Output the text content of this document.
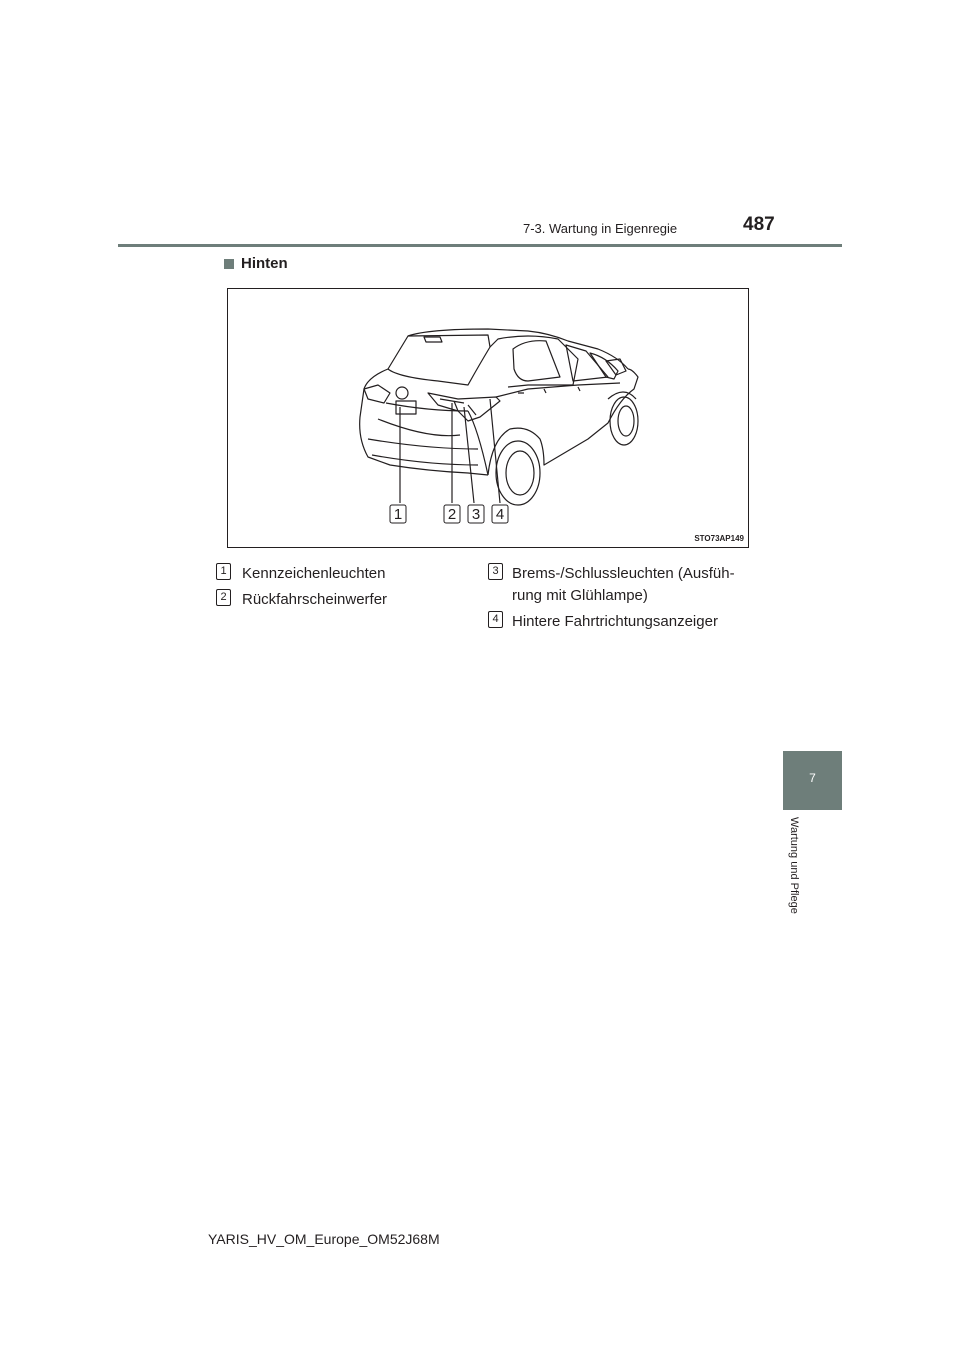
7-3. Wartung in Eigenregie	487
Hinten
1	2 3 4
STO73AP149
1 Kennzeichenleuchten
2 Rückfahrscheinwerfer
3 Brems-/Schlussleuchten (Ausfüh-
rung mit Glühlampe)
4 Hintere Fahrtrichtungsanzeiger
7
Wartung und Pflege
YARIS_HV_OM_Europe_OM52J68M
